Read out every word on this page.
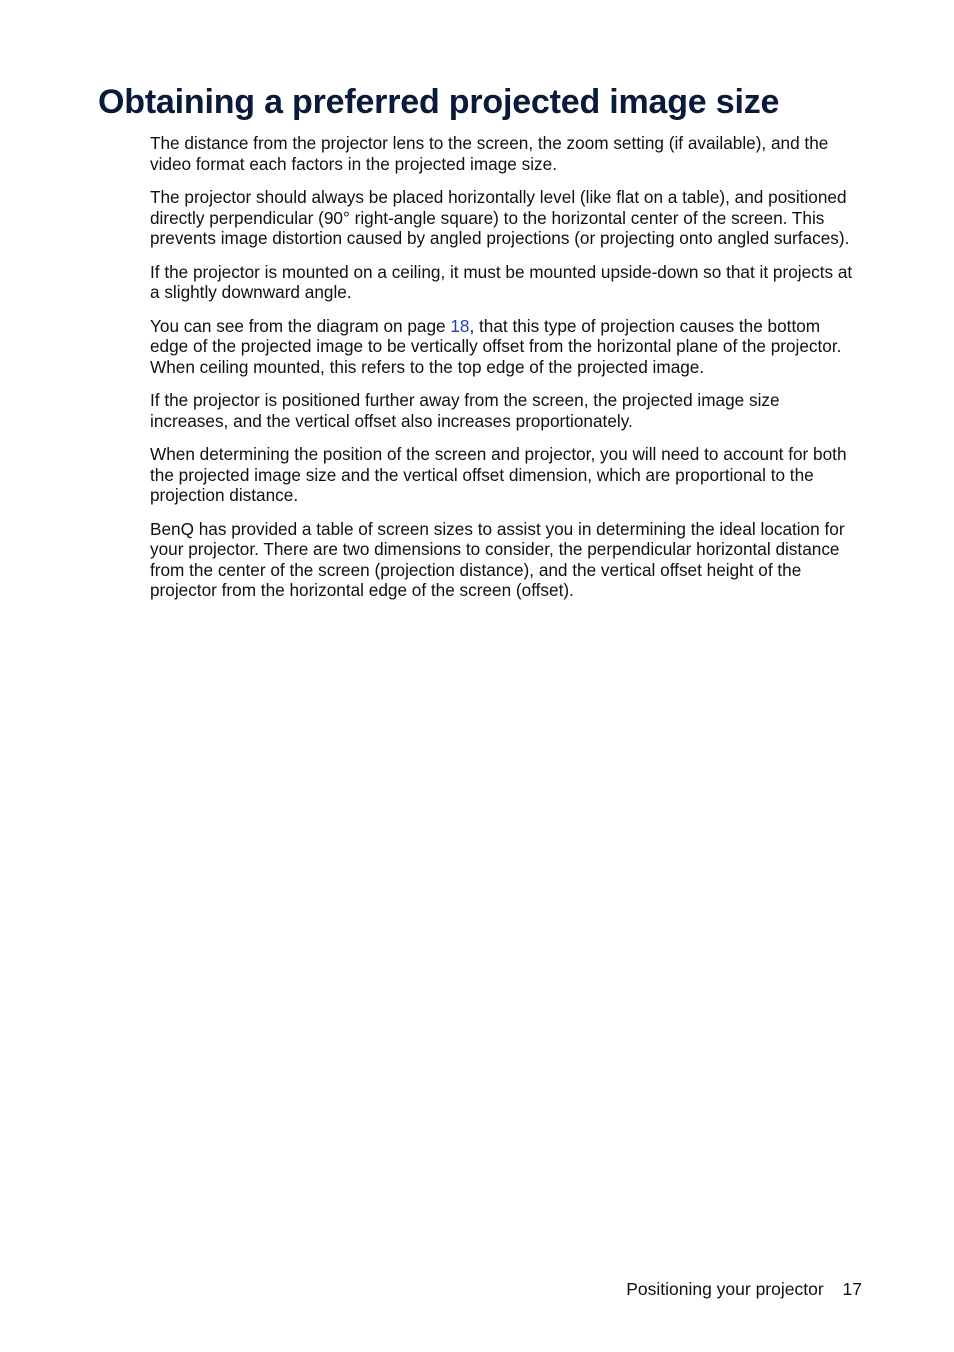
Obtaining a preferred projected image size

The distance from the projector lens to the screen, the zoom setting (if available), and the video format each factors in the projected image size.

The projector should always be placed horizontally level (like flat on a table), and positioned directly perpendicular (90° right-angle square) to the horizontal center of the screen. This prevents image distortion caused by angled projections (or projecting onto angled surfaces).

If the projector is mounted on a ceiling, it must be mounted upside-down so that it projects at a slightly downward angle.

You can see from the diagram on page 18, that this type of projection causes the bottom edge of the projected image to be vertically offset from the horizontal plane of the projector. When ceiling mounted, this refers to the top edge of the projected image.

If the projector is positioned further away from the screen, the projected image size increases, and the vertical offset also increases proportionately.

When determining the position of the screen and projector, you will need to account for both the projected image size and the vertical offset dimension, which are proportional to the projection distance.

BenQ has provided a table of screen sizes to assist you in determining the ideal location for your projector. There are two dimensions to consider, the perpendicular horizontal distance from the center of the screen (projection distance), and the vertical offset height of the projector from the horizontal edge of the screen (offset).

Positioning your projector 17
